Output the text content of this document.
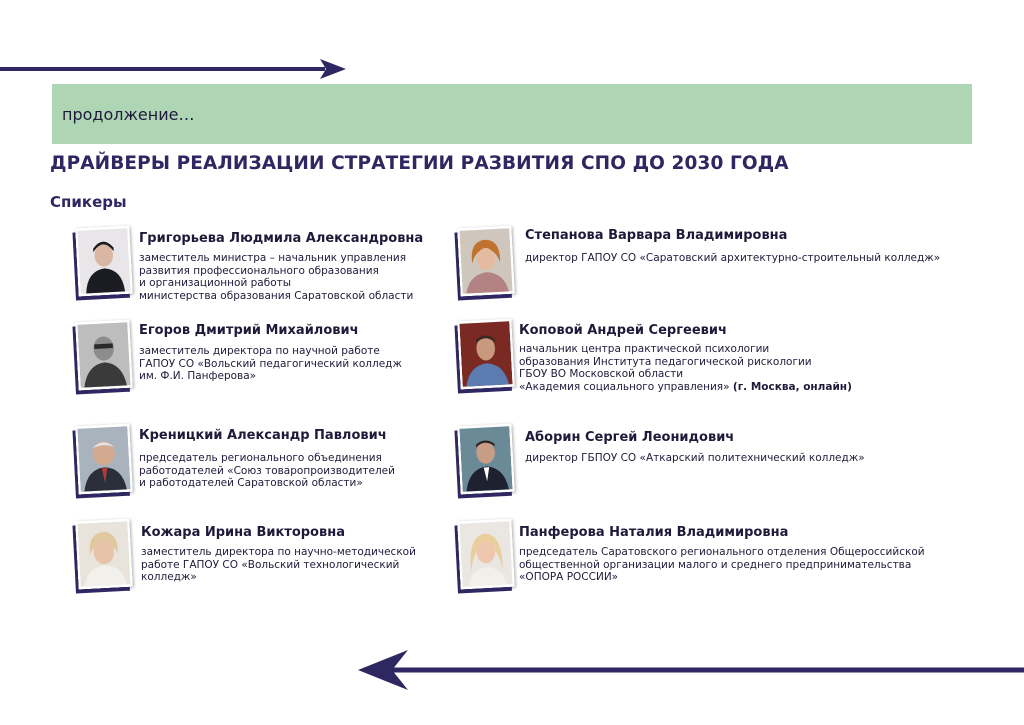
продолжение…
ДРАЙВЕРЫ РЕАЛИЗАЦИИ СТРАТЕГИИ РАЗВИТИЯ СПО ДО 2030 ГОДА
Спикеры
Григорьева Людмила Александровна
заместитель министра – начальник управления
развития профессионального образования
и организационной работы
министерства образования Саратовской области
Егоров Дмитрий Михайлович
заместитель директора по научной работе
ГАПОУ СО «Вольский педагогический колледж
им. Ф.И. Панферова»
Креницкий Александр Павлович
председатель регионального объединения
работодателей «Союз товаропроизводителей
и работодателей Саратовской области»
Кожара Ирина Викторовна
заместитель директора по научно-методической
работе ГАПОУ СО «Вольский технологический
колледж»
Степанова Варвара Владимировна
директор ГАПОУ СО «Саратовский архитектурно-строительный колледж»
Коповой Андрей Сергеевич
начальник центра практической психологии
образования Института педагогической рискологии
ГБОУ ВО Московской области
«Академия социального управления» (г. Москва, онлайн)
Аборин Сергей Леонидович
директор ГБПОУ СО «Аткарский политехнический колледж»
Панферова Наталия Владимировна
председатель Саратовского регионального отделения Общероссийской
общественной организации малого и среднего предпринимательства
«ОПОРА РОССИИ»
